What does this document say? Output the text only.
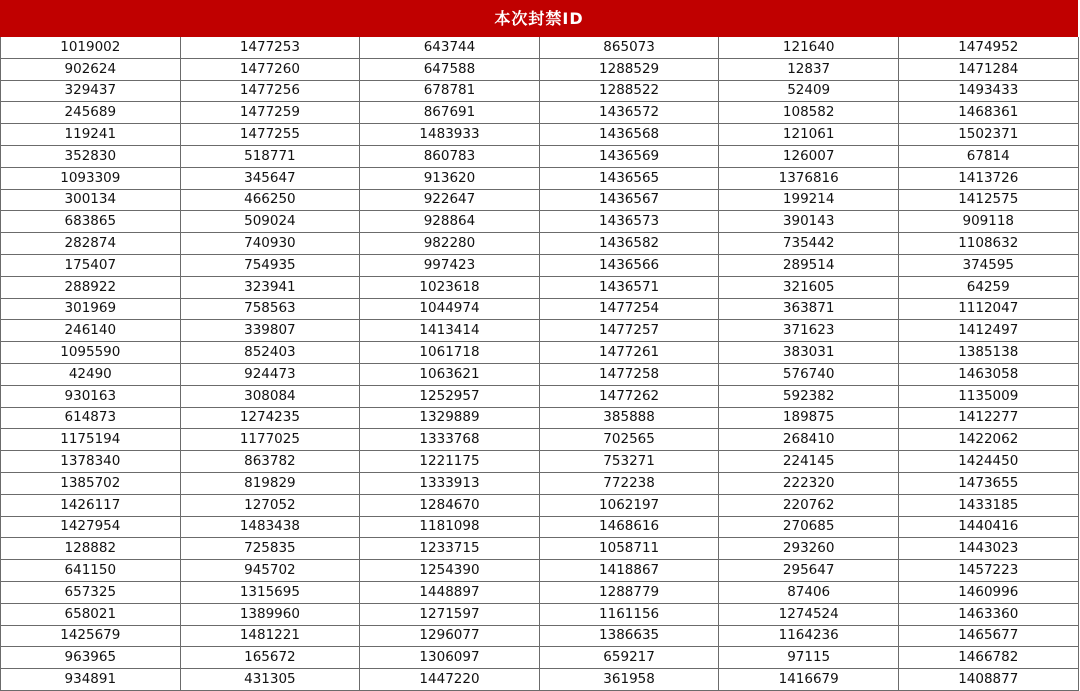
本次封禁ID
1019002	1477253	643744	865073	121640	1474952
902624	1477260	647588	1288529	12837	1471284
329437	1477256	678781	1288522	52409	1493433
245689	1477259	867691	1436572	108582	1468361
119241	1477255	1483933	1436568	121061	1502371
352830	518771	860783	1436569	126007	67814
1093309	345647	913620	1436565	1376816	1413726
300134	466250	922647	1436567	199214	1412575
683865	509024	928864	1436573	390143	909118
282874	740930	982280	1436582	735442	1108632
175407	754935	997423	1436566	289514	374595
288922	323941	1023618	1436571	321605	64259
301969	758563	1044974	1477254	363871	1112047
246140	339807	1413414	1477257	371623	1412497
1095590	852403	1061718	1477261	383031	1385138
42490	924473	1063621	1477258	576740	1463058
930163	308084	1252957	1477262	592382	1135009
614873	1274235	1329889	385888	189875	1412277
1175194	1177025	1333768	702565	268410	1422062
1378340	863782	1221175	753271	224145	1424450
1385702	819829	1333913	772238	222320	1473655
1426117	127052	1284670	1062197	220762	1433185
1427954	1483438	1181098	1468616	270685	1440416
128882	725835	1233715	1058711	293260	1443023
641150	945702	1254390	1418867	295647	1457223
657325	1315695	1448897	1288779	87406	1460996
658021	1389960	1271597	1161156	1274524	1463360
1425679	1481221	1296077	1386635	1164236	1465677
963965	165672	1306097	659217	97115	1466782
934891	431305	1447220	361958	1416679	1408877
